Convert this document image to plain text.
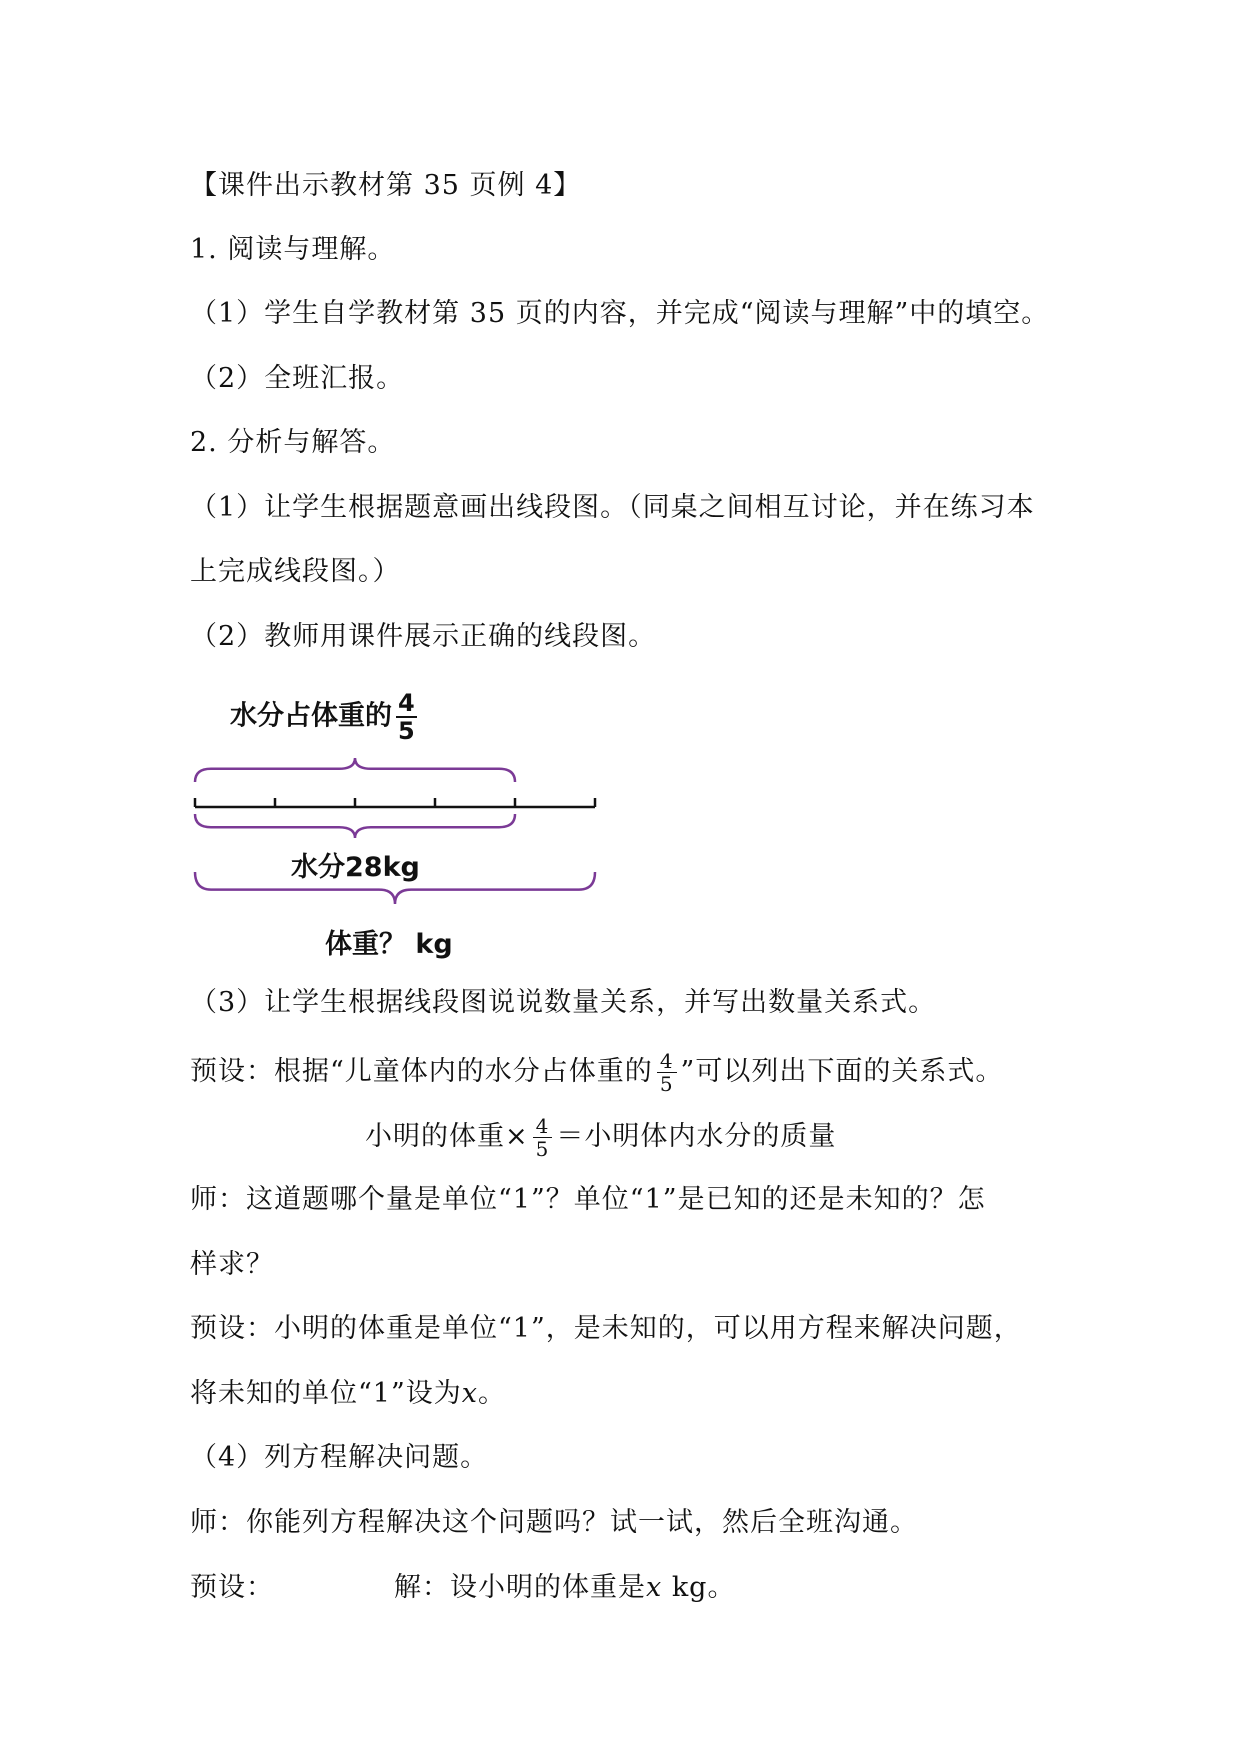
【课件出示教材第 35 页例 4】
1. 阅读与理解。
（1）学生自学教材第 35 页的内容，并完成“阅读与理解”中的填空。
（2）全班汇报。
2. 分析与解答。
（1）让学生根据题意画出线段图。（同桌之间相互讨论，并在练习本
上完成线段图。）
（2）教师用课件展示正确的线段图。
水分占体重的 $\frac{4}{5}$
水分28kg
体重？ kg
（3）让学生根据线段图说说数量关系，并写出数量关系式。
预设：根据“儿童体内的水分占体重的 $\frac{4}{5}$ ”可以列出下面的关系式。
小明的体重× $\frac{4}{5}$ ＝小明体内水分的质量
师：这道题哪个量是单位“1”？单位“1”是已知的还是未知的？怎
样求？
预设：小明的体重是单位“1”，是未知的，可以用方程来解决问题，
将未知的单位“1”设为x。
（4）列方程解决问题。
师：你能列方程解决这个问题吗？试一试，然后全班沟通。
预设：	解：设小明的体重是x kg。
